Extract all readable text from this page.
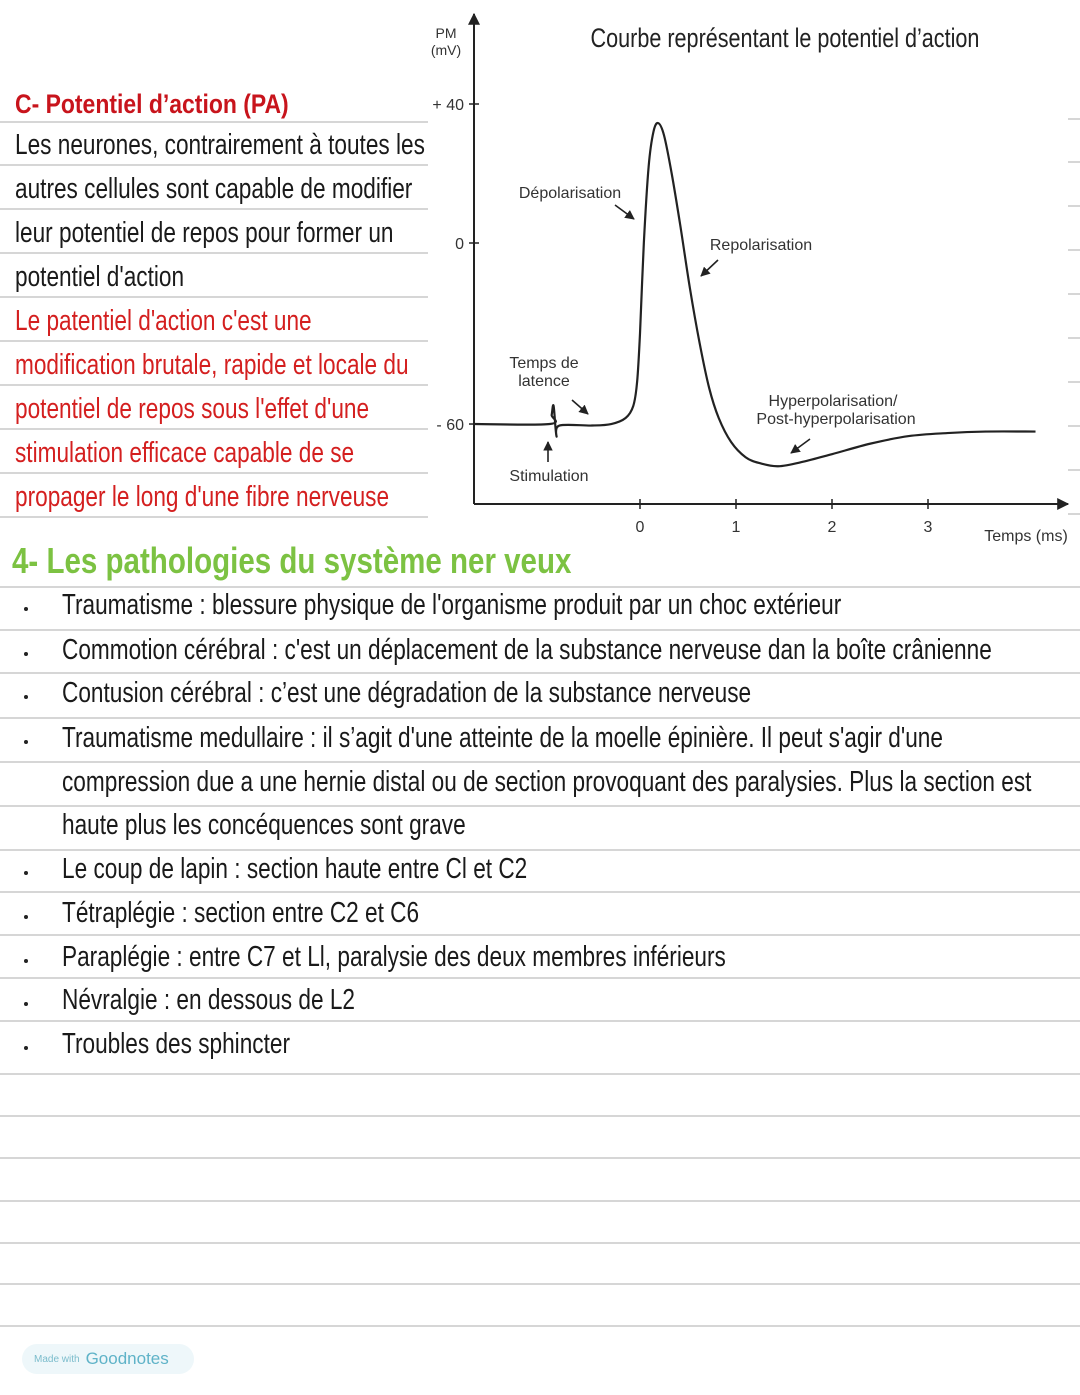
C- Potentiel d’action (PA)
Les neurones, contrairement à toutes les
autres cellules sont capable de modifier
leur potentiel de repos pour former un
potentiel d'action
Le patentiel d'action c'est une
modification brutale, rapide et locale du
potentiel de repos sous l'effet d'une
stimulation efficace capable de se
propager le long d'une fibre nerveuse
Courbe représentant le potentiel d’action
PM
(mV)
Temps (ms)
+ 40
0
- 60
0	1	2	3
Dépolarisation
Repolarisation
Temps de
latence
Stimulation
Hyperpolarisation/
Post-hyperpolarisation
4- Les pathologies du système ner veux
Traumatisme : blessure physique de l'organisme produit par un choc extérieur
Commotion cérébral : c'est un déplacement de la substance nerveuse dan la boîte crânienne
Contusion cérébral : c’est une dégradation de la substance nerveuse
Traumatisme medullaire : il s’agit d'une atteinte de la moelle épinière. Il peut s'agir d'une
compression due a une hernie distal ou de section provoquant des paralysies. Plus la section est
haute plus les concéquences sont grave
Le coup de lapin : section haute entre Cl et C2
Tétraplégie : section entre C2 et C6
Paraplégie : entre C7 et Ll, paralysie des deux membres inférieurs
Névralgie : en dessous de L2
Troubles des sphincter
Made with Goodnotes
